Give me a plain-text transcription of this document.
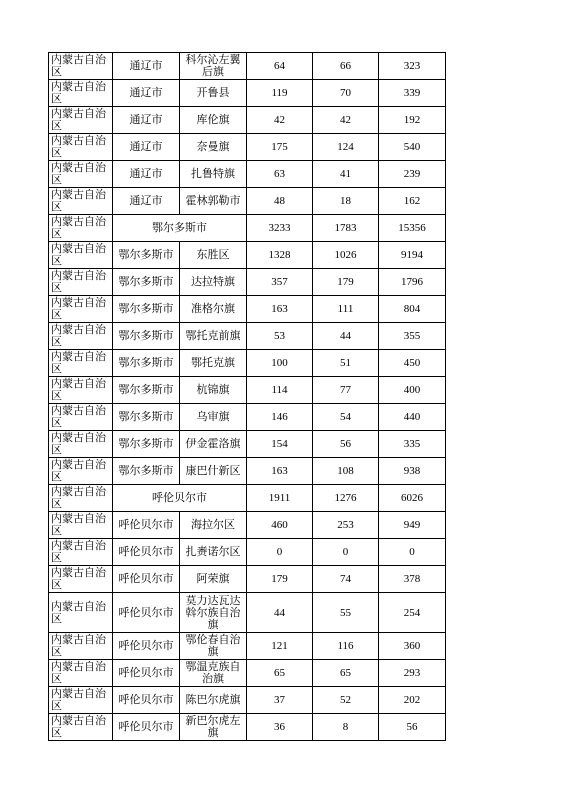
内蒙古自治区	通辽市	科尔沁左翼后旗	64	66	323
内蒙古自治区	通辽市	开鲁县	119	70	339
内蒙古自治区	通辽市	库伦旗	42	42	192
内蒙古自治区	通辽市	奈曼旗	175	124	540
内蒙古自治区	通辽市	扎鲁特旗	63	41	239
内蒙古自治区	通辽市	霍林郭勒市	48	18	162
内蒙古自治区	鄂尔多斯市		3233	1783	15356
内蒙古自治区	鄂尔多斯市	东胜区	1328	1026	9194
内蒙古自治区	鄂尔多斯市	达拉特旗	357	179	1796
内蒙古自治区	鄂尔多斯市	准格尔旗	163	111	804
内蒙古自治区	鄂尔多斯市	鄂托克前旗	53	44	355
内蒙古自治区	鄂尔多斯市	鄂托克旗	100	51	450
内蒙古自治区	鄂尔多斯市	杭锦旗	114	77	400
内蒙古自治区	鄂尔多斯市	乌审旗	146	54	440
内蒙古自治区	鄂尔多斯市	伊金霍洛旗	154	56	335
内蒙古自治区	鄂尔多斯市	康巴什新区	163	108	938
内蒙古自治区	呼伦贝尔市		1911	1276	6026
内蒙古自治区	呼伦贝尔市	海拉尔区	460	253	949
内蒙古自治区	呼伦贝尔市	扎赉诺尔区	0	0	0
内蒙古自治区	呼伦贝尔市	阿荣旗	179	74	378
内蒙古自治区	呼伦贝尔市	莫力达瓦达斡尔族自治旗	44	55	254
内蒙古自治区	呼伦贝尔市	鄂伦春自治旗	121	116	360
内蒙古自治区	呼伦贝尔市	鄂温克族自治旗	65	65	293
内蒙古自治区	呼伦贝尔市	陈巴尔虎旗	37	52	202
内蒙古自治区	呼伦贝尔市	新巴尔虎左旗	36	8	56
